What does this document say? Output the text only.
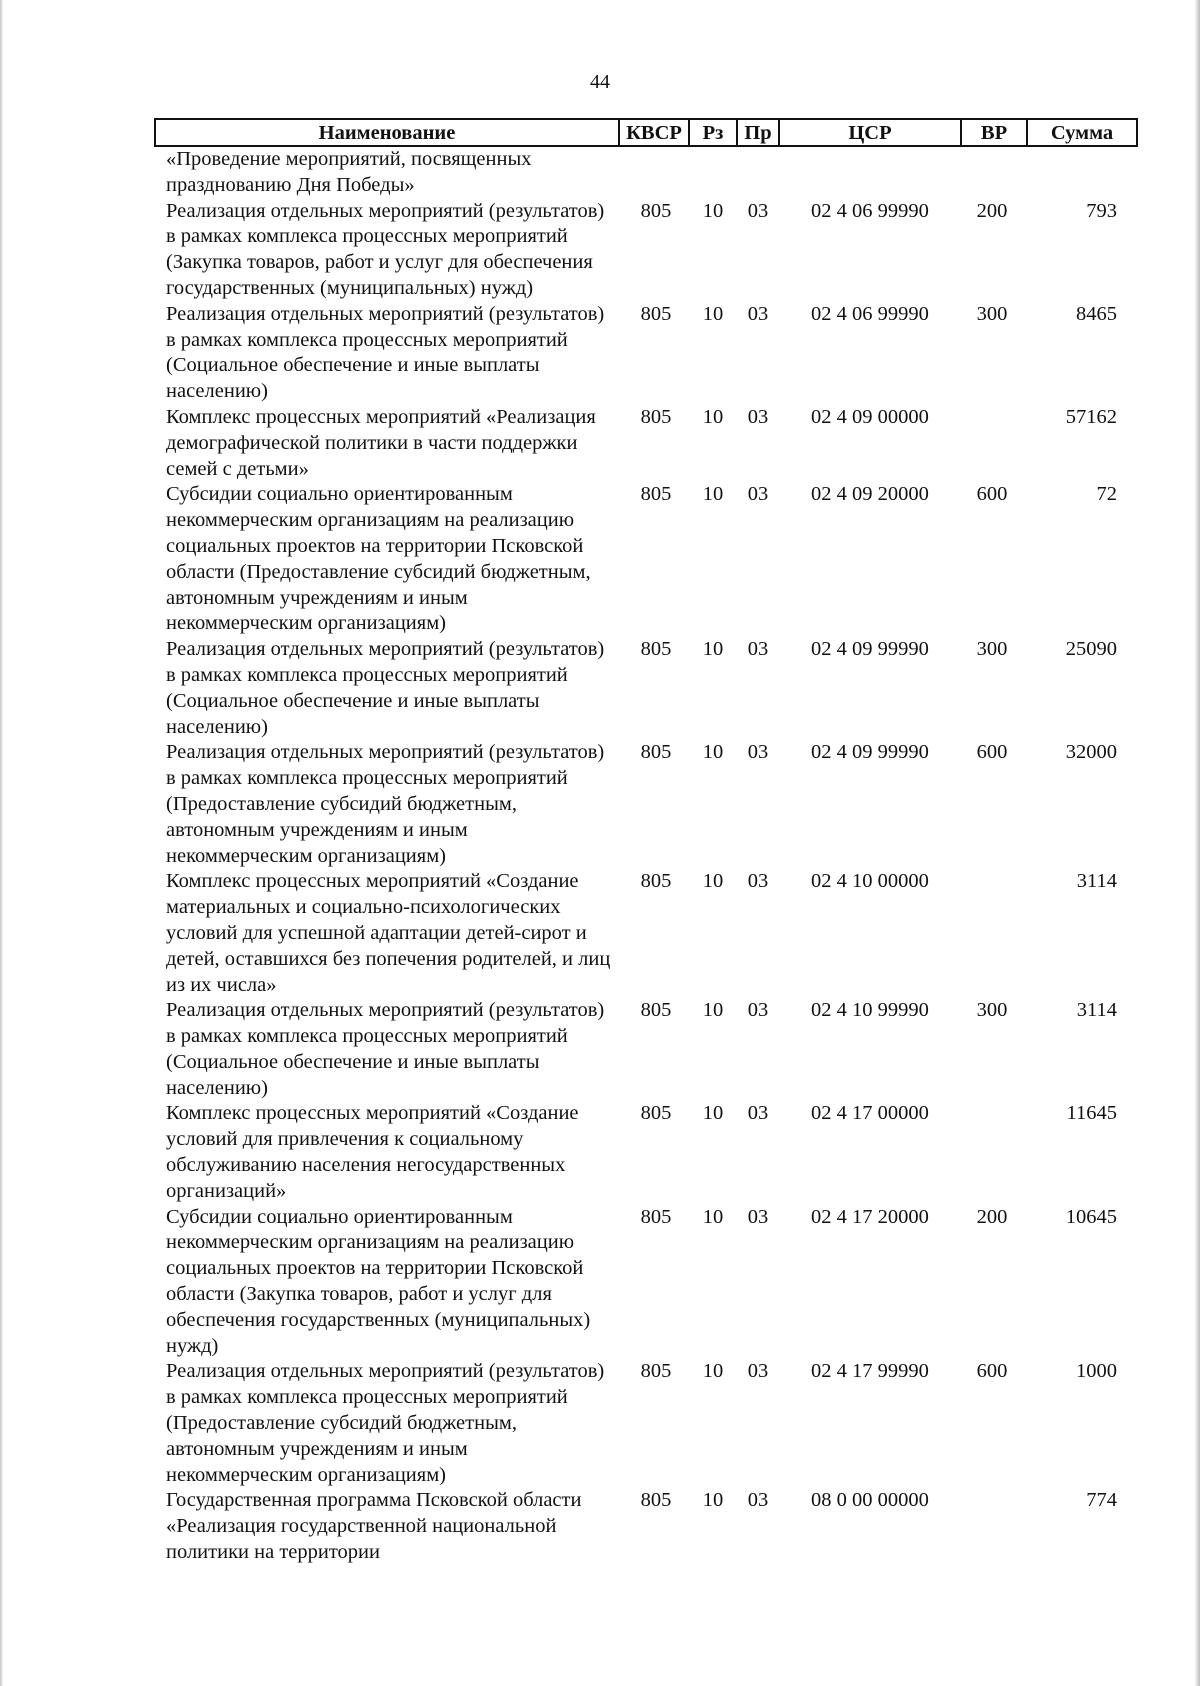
44
Наименование	КВСР	Рз	Пр	ЦСР	ВР	Сумма
«Проведение мероприятий, посвященных празднованию Дня Победы»						
Реализация отдельных мероприятий (результатов) в рамках комплекса процессных мероприятий (Закупка товаров, работ и услуг для обеспечения государственных (муниципальных) нужд)	805	10	03	02 4 06 99990	200	793
Реализация отдельных мероприятий (результатов) в рамках комплекса процессных мероприятий (Социальное обеспечение и иные выплаты населению)	805	10	03	02 4 06 99990	300	8465
Комплекс процессных мероприятий «Реализация демографической политики в части поддержки семей с детьми»	805	10	03	02 4 09 00000		57162
Субсидии социально ориентированным некоммерческим организациям на реализацию социальных проектов на территории Псковской области (Предоставление субсидий бюджетным, автономным учреждениям и иным некоммерческим организациям)	805	10	03	02 4 09 20000	600	72
Реализация отдельных мероприятий (результатов) в рамках комплекса процессных мероприятий (Социальное обеспечение и иные выплаты населению)	805	10	03	02 4 09 99990	300	25090
Реализация отдельных мероприятий (результатов) в рамках комплекса процессных мероприятий (Предоставление субсидий бюджетным, автономным учреждениям и иным некоммерческим организациям)	805	10	03	02 4 09 99990	600	32000
Комплекс процессных мероприятий «Создание материальных и социально-психологических условий для успешной адаптации детей-сирот и детей, оставшихся без попечения родителей, и лиц из их числа»	805	10	03	02 4 10 00000		3114
Реализация отдельных мероприятий (результатов) в рамках комплекса процессных мероприятий (Социальное обеспечение и иные выплаты населению)	805	10	03	02 4 10 99990	300	3114
Комплекс процессных мероприятий «Создание условий для привлечения к социальному обслуживанию населения негосударственных организаций»	805	10	03	02 4 17 00000		11645
Субсидии социально ориентированным некоммерческим организациям на реализацию социальных проектов на территории Псковской области (Закупка товаров, работ и услуг для обеспечения государственных (муниципальных) нужд)	805	10	03	02 4 17 20000	200	10645
Реализация отдельных мероприятий (результатов) в рамках комплекса процессных мероприятий (Предоставление субсидий бюджетным, автономным учреждениям и иным некоммерческим организациям)	805	10	03	02 4 17 99990	600	1000
Государственная программа Псковской области «Реализация государственной национальной политики на территории	805	10	03	08 0 00 00000		774
